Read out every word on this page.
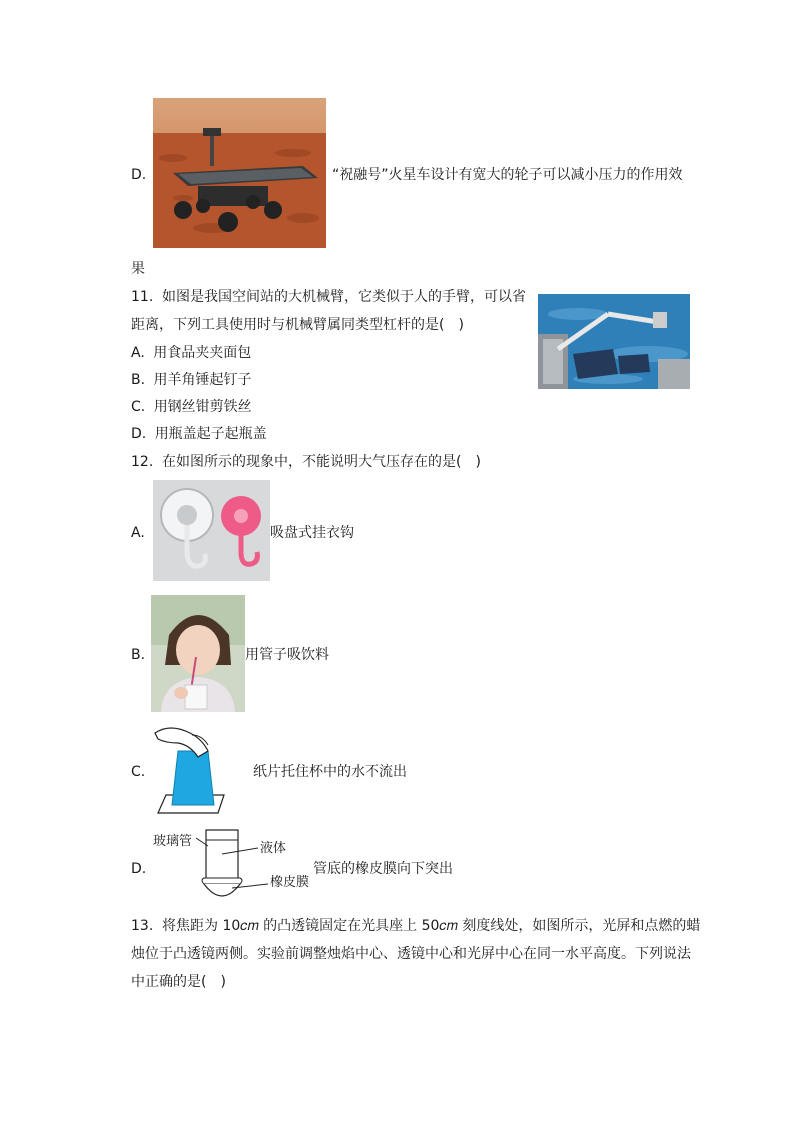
D.	“祝融号”火星车设计有宽大的轮子可以减小压力的作用效
果
11. 如图是我国空间站的大机械臂，它类似于人的手臂，可以省
距离，下列工具使用时与机械臂属同类型杠杆的是(　)
A. 用食品夹夹面包
B. 用羊角锤起钉子
C. 用钢丝钳剪铁丝
D. 用瓶盖起子起瓶盖
12. 在如图所示的现象中，不能说明大气压存在的是(　)
A.	吸盘式挂衣钩
B.	用管子吸饮料
C.	纸片托住杯中的水不流出
D.
玻璃管	液体
橡皮膜
管底的橡皮膜向下突出
13. 将焦距为 10𝑐𝑚 的凸透镜固定在光具座上 50𝑐𝑚 刻度线处，如图所示，光屏和点燃的蜡
烛位于凸透镜两侧。实验前调整烛焰中心、透镜中心和光屏中心在同一水平高度。下列说法
中正确的是(　)
